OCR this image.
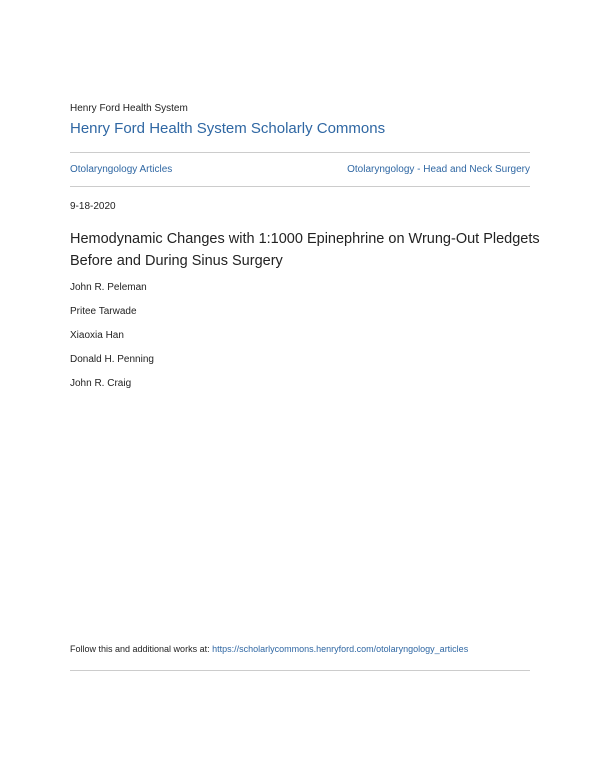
Henry Ford Health System
Henry Ford Health System Scholarly Commons
Otolaryngology Articles	Otolaryngology - Head and Neck Surgery
9-18-2020
Hemodynamic Changes with 1:1000 Epinephrine on Wrung-Out Pledgets Before and During Sinus Surgery
John R. Peleman
Pritee Tarwade
Xiaoxia Han
Donald H. Penning
John R. Craig
Follow this and additional works at: https://scholarlycommons.henryford.com/otolaryngology_articles
